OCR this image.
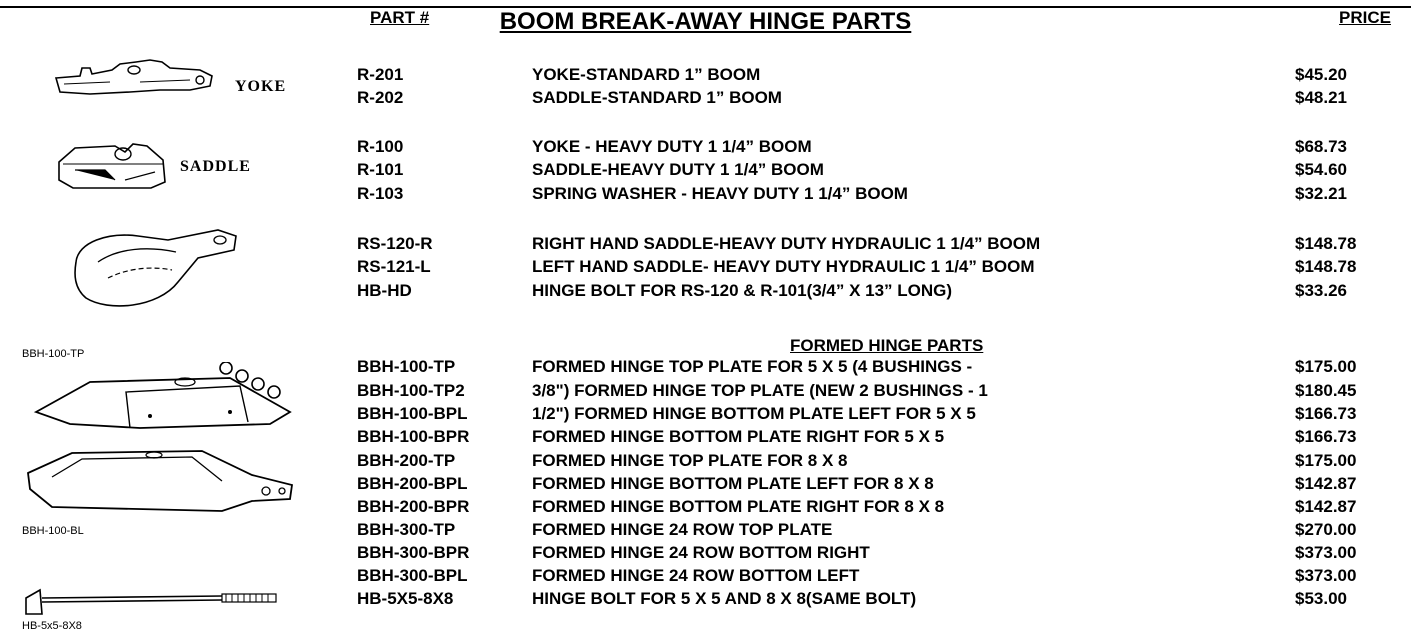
PART #	BOOM BREAK-AWAY HINGE PARTS	PRICE
YOKE
SADDLE
BBH-100-TP
BBH-100-BL
HB-5x5-8X8
FORMED HINGE PARTS
R-201	YOKE-STANDARD 1” BOOM	$45.20
R-202	SADDLE-STANDARD 1” BOOM	$48.21
R-100	YOKE - HEAVY DUTY 1 1/4” BOOM	$68.73
R-101	SADDLE-HEAVY DUTY 1 1/4” BOOM	$54.60
R-103	SPRING WASHER - HEAVY DUTY 1 1/4” BOOM	$32.21
RS-120-R	RIGHT HAND SADDLE-HEAVY DUTY HYDRAULIC 1 1/4” BOOM	$148.78
RS-121-L	LEFT HAND SADDLE- HEAVY DUTY HYDRAULIC 1 1/4” BOOM	$148.78
HB-HD	HINGE BOLT FOR RS-120 & R-101(3/4” X 13” LONG)	$33.26
BBH-100-TP	FORMED HINGE TOP PLATE FOR 5 X 5 (4 BUSHINGS -	$175.00
BBH-100-TP2	3/8") FORMED HINGE TOP PLATE (NEW 2 BUSHINGS - 1	$180.45
BBH-100-BPL	1/2") FORMED HINGE BOTTOM PLATE LEFT FOR 5 X 5	$166.73
BBH-100-BPR	FORMED HINGE BOTTOM PLATE RIGHT FOR 5 X 5	$166.73
BBH-200-TP	FORMED HINGE TOP PLATE FOR 8 X 8	$175.00
BBH-200-BPL	FORMED HINGE BOTTOM PLATE LEFT FOR 8 X 8	$142.87
BBH-200-BPR	FORMED HINGE BOTTOM PLATE RIGHT FOR 8 X 8	$142.87
BBH-300-TP	FORMED HINGE 24 ROW TOP PLATE	$270.00
BBH-300-BPR	FORMED HINGE 24 ROW BOTTOM RIGHT	$373.00
BBH-300-BPL	FORMED HINGE 24 ROW BOTTOM LEFT	$373.00
HB-5X5-8X8	HINGE BOLT FOR 5 X 5 AND 8 X 8(SAME BOLT)	$53.00
